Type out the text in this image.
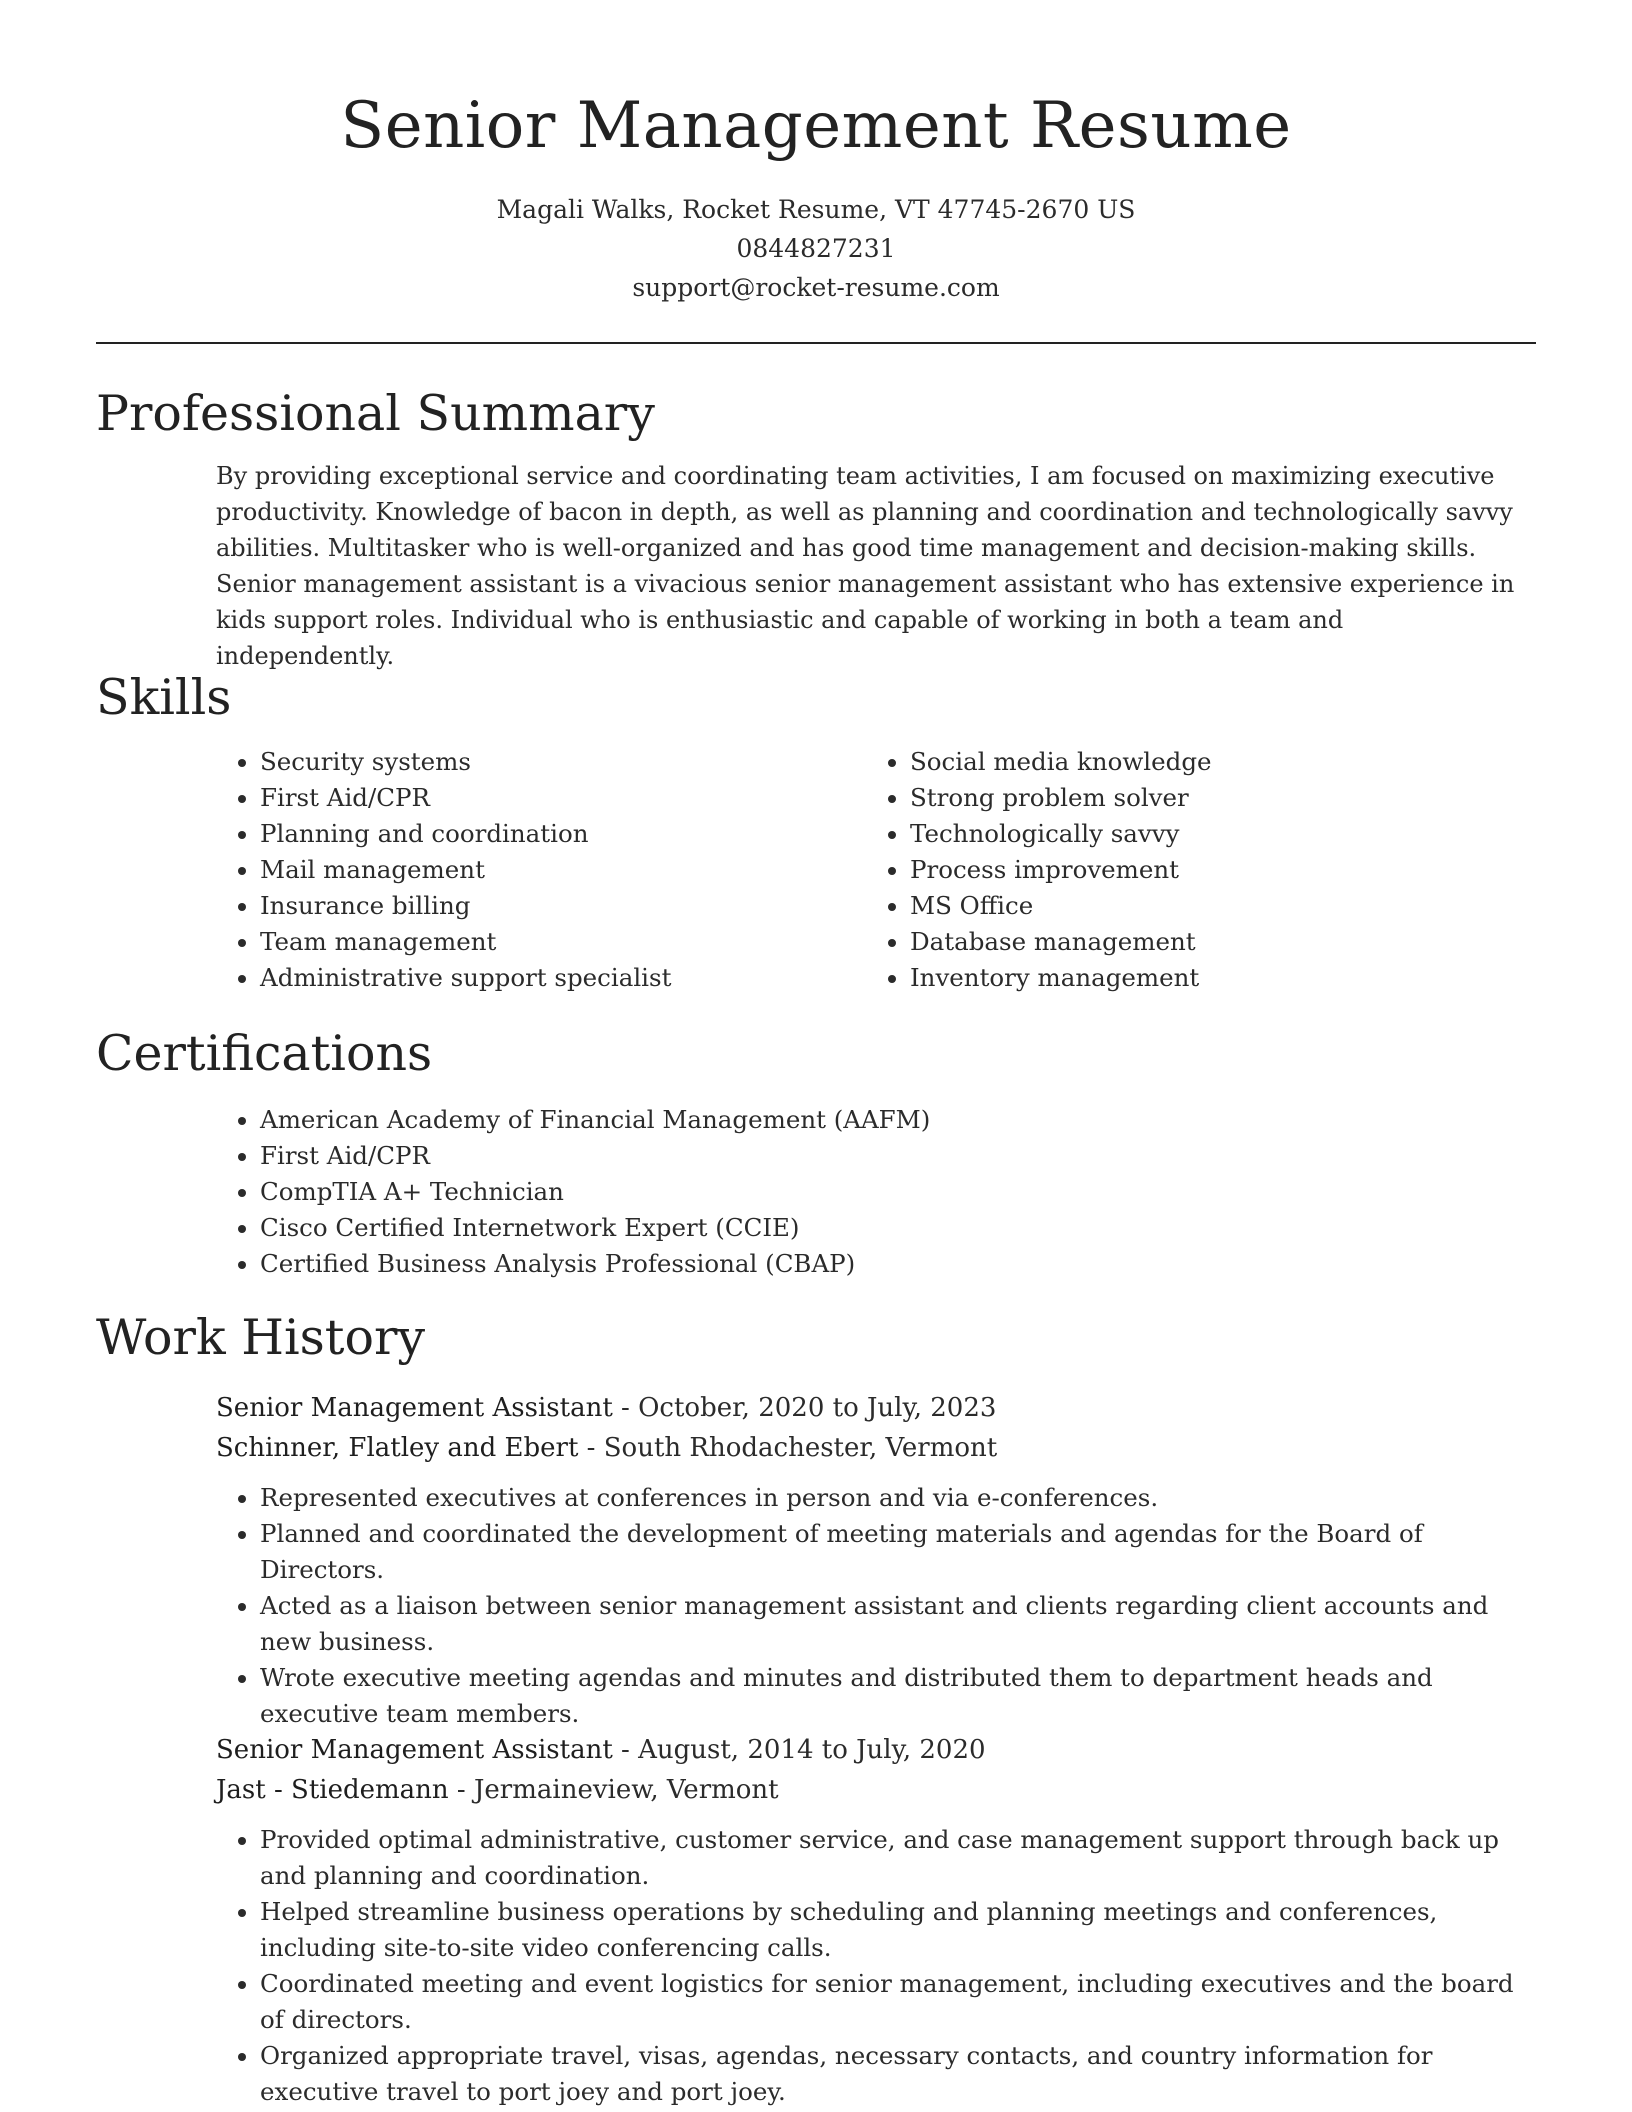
Senior Management Resume
Magali Walks, Rocket Resume, VT 47745-2670 US
0844827231
support@rocket-resume.com
Professional Summary

By providing exceptional service and coordinating team activities, I am focused on maximizing executive productivity. Knowledge of bacon in depth, as well as planning and coordination and technologically savvy abilities. Multitasker who is well-organized and has good time management and decision-making skills. Senior management assistant is a vivacious senior management assistant who has extensive experience in kids support roles. Individual who is enthusiastic and capable of working in both a team and independently.

Skills
• Security systems
• First Aid/CPR
• Planning and coordination
• Mail management
• Insurance billing
• Team management
• Administrative support specialist
• Social media knowledge
• Strong problem solver
• Technologically savvy
• Process improvement
• MS Office
• Database management
• Inventory management
Certifications
• American Academy of Financial Management (AAFM)
• First Aid/CPR
• CompTIA A+ Technician
• Cisco Certified Internetwork Expert (CCIE)
• Certified Business Analysis Professional (CBAP)
Work History
Senior Management Assistant - October, 2020 to July, 2023
Schinner, Flatley and Ebert - South Rhodachester, Vermont
• Represented executives at conferences in person and via e-conferences.
• Planned and coordinated the development of meeting materials and agendas for the Board of Directors.
• Acted as a liaison between senior management assistant and clients regarding client accounts and new business.
• Wrote executive meeting agendas and minutes and distributed them to department heads and executive team members.
Senior Management Assistant - August, 2014 to July, 2020
Jast - Stiedemann - Jermaineview, Vermont
• Provided optimal administrative, customer service, and case management support through back up and planning and coordination.
• Helped streamline business operations by scheduling and planning meetings and conferences, including site-to-site video conferencing calls.
• Coordinated meeting and event logistics for senior management, including executives and the board of directors.
• Organized appropriate travel, visas, agendas, necessary contacts, and country information for executive travel to port joey and port joey.
